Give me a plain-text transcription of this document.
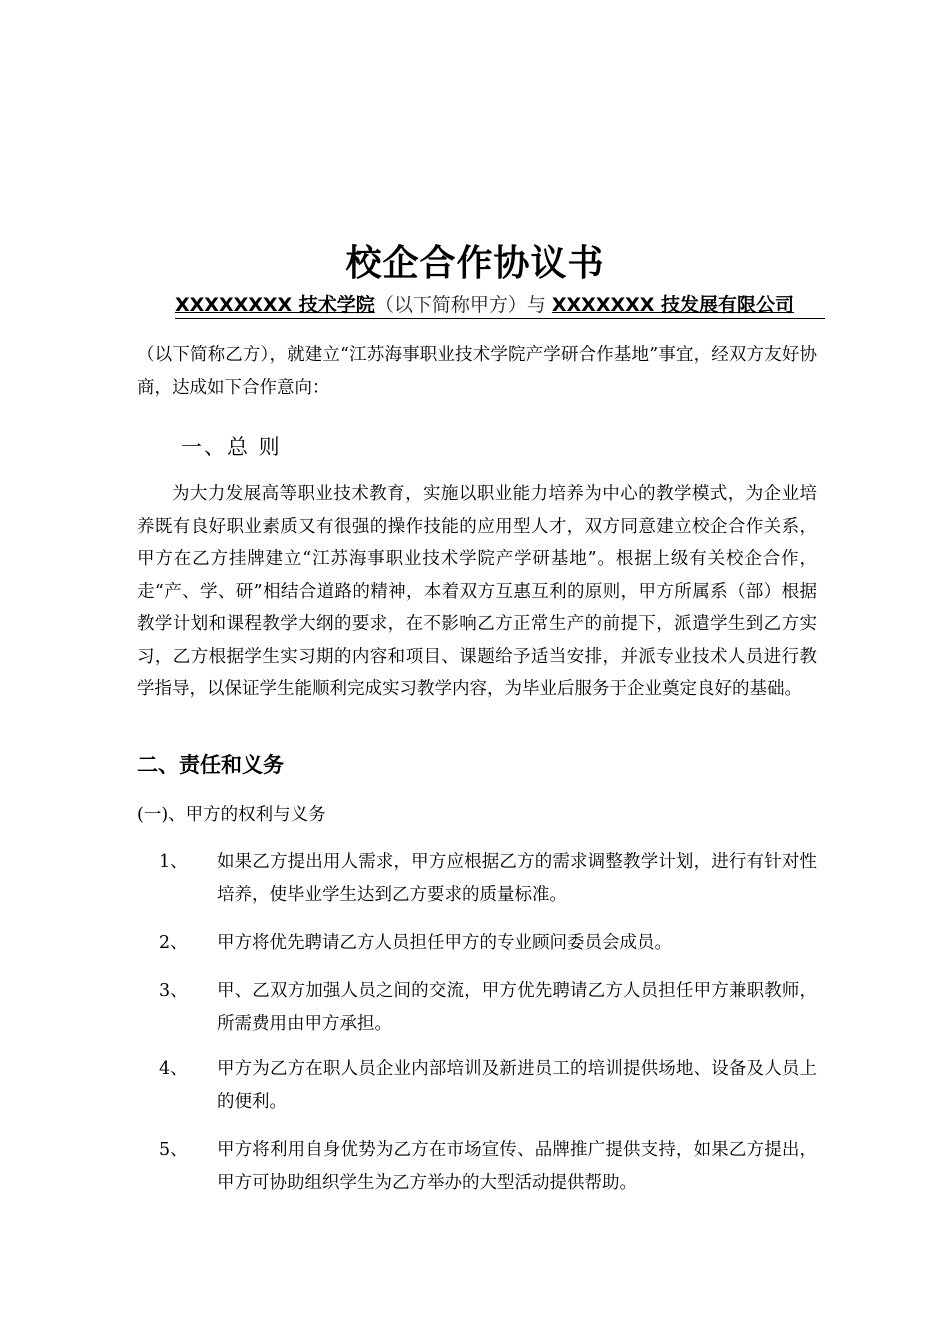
校企合作协议书
XXXXXXXX 技术学院（以下简称甲方）与 XXXXXXX 技发展有限公司
（以下简称乙方），就建立“江苏海事职业技术学院产学研合作基地”事宜，经双方友好协商，达成如下合作意向：
一、总 则
为大力发展高等职业技术教育，实施以职业能力培养为中心的教学模式，为企业培养既有良好职业素质又有很强的操作技能的应用型人才，双方同意建立校企合作关系，甲方在乙方挂牌建立“江苏海事职业技术学院产学研基地”。根据上级有关校企合作，走“产、学、研”相结合道路的精神，本着双方互惠互利的原则，甲方所属系（部）根据教学计划和课程教学大纲的要求，在不影响乙方正常生产的前提下，派遣学生到乙方实习，乙方根据学生实习期的内容和项目、课题给予适当安排，并派专业技术人员进行教学指导，以保证学生能顺利完成实习教学内容，为毕业后服务于企业奠定良好的基础。
二、责任和义务
(一)、甲方的权利与义务
1、 如果乙方提出用人需求，甲方应根据乙方的需求调整教学计划，进行有针对性培养，使毕业学生达到乙方要求的质量标准。
2、 甲方将优先聘请乙方人员担任甲方的专业顾问委员会成员。
3、 甲、乙双方加强人员之间的交流，甲方优先聘请乙方人员担任甲方兼职教师，所需费用由甲方承担。
4、 甲方为乙方在职人员企业内部培训及新进员工的培训提供场地、设备及人员上的便利。
5、 甲方将利用自身优势为乙方在市场宣传、品牌推广提供支持，如果乙方提出，甲方可协助组织学生为乙方举办的大型活动提供帮助。
